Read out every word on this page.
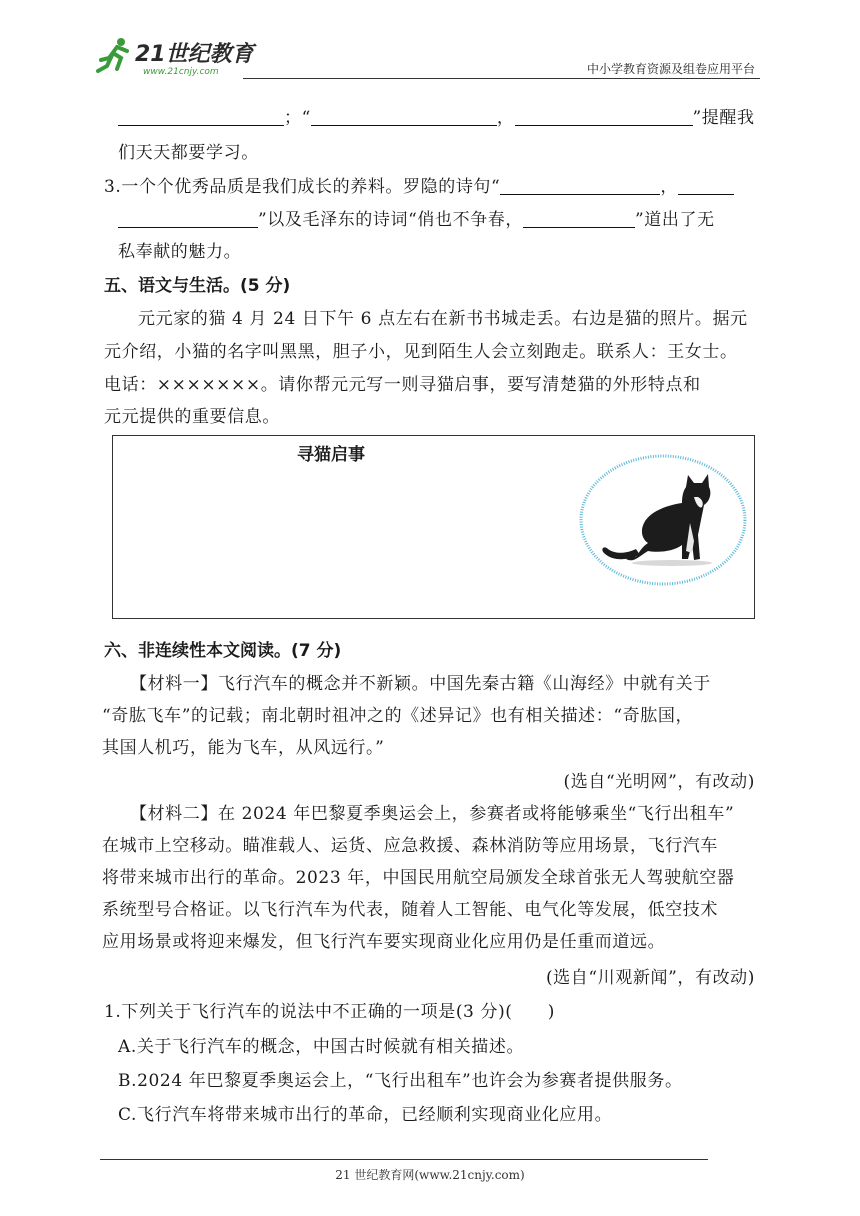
21世纪教育
www.21cnjy.com	中小学教育资源及组卷应用平台
；“	，	”提醒我
们天天都要学习。
3.一个个优秀品质是我们成长的养料。罗隐的诗句“	，
”以及毛泽东的诗词“俏也不争春，	”道出了无
私奉献的魅力。
五、语文与生活。(5 分)
元元家的猫 4 月 24 日下午 6 点左右在新书书城走丢。右边是猫的照片。据元
元介绍，小猫的名字叫黑黑，胆子小，见到陌生人会立刻跑走。联系人：王女士。
电话：×××××××。请你帮元元写一则寻猫启事，要写清楚猫的外形特点和
元元提供的重要信息。
寻猫启事
六、非连续性本文阅读。(7 分)
【材料一】飞行汽车的概念并不新颖。中国先秦古籍《山海经》中就有关于
“奇肱飞车”的记载；南北朝时祖冲之的《述异记》也有相关描述：“奇肱国，
其国人机巧，能为飞车，从风远行。”
(选自“光明网”，有改动)
【材料二】在 2024 年巴黎夏季奥运会上，参赛者或将能够乘坐“飞行出租车”
在城市上空移动。瞄准载人、运货、应急救援、森林消防等应用场景，飞行汽车
将带来城市出行的革命。2023 年，中国民用航空局颁发全球首张无人驾驶航空器
系统型号合格证。以飞行汽车为代表，随着人工智能、电气化等发展，低空技术
应用场景或将迎来爆发，但飞行汽车要实现商业化应用仍是任重而道远。
(选自“川观新闻”，有改动)
1.下列关于飞行汽车的说法中不正确的一项是(3 分)(　　)
A.关于飞行汽车的概念，中国古时候就有相关描述。
B.2024 年巴黎夏季奥运会上，“飞行出租车”也许会为参赛者提供服务。
C.飞行汽车将带来城市出行的革命，已经顺利实现商业化应用。
21 世纪教育网(www.21cnjy.com)
